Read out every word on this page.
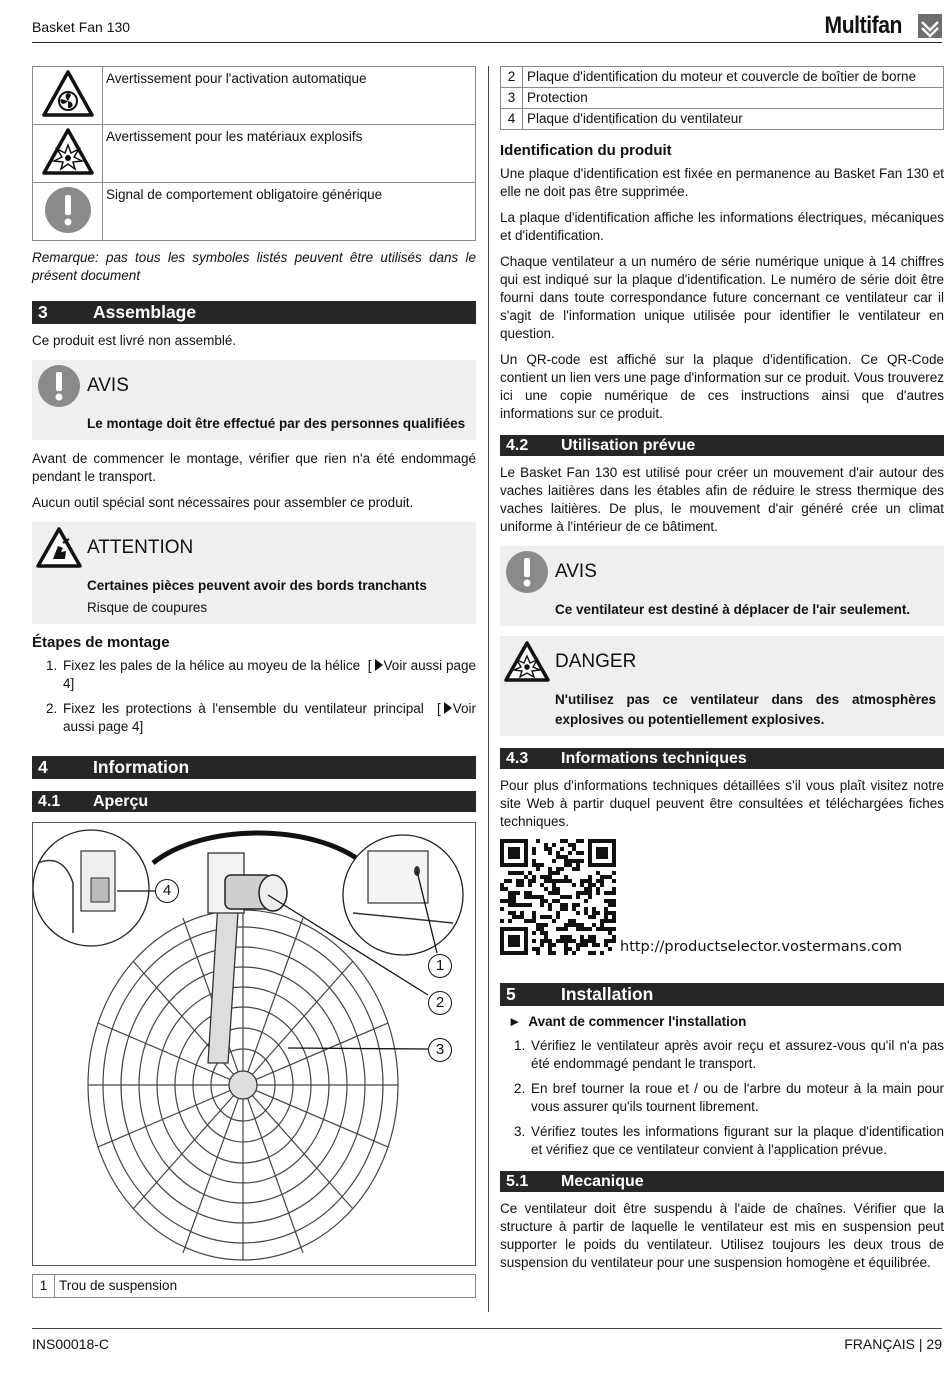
Basket Fan 130	Multifan
	Avertissement pour l'activation automatique
	Avertissement pour les matériaux explosifs
	Signal de comportement obligatoire générique

Remarque: pas tous les symboles listés peuvent être utilisés dans le présent document

3	Assemblage

Ce produit est livré non assemblé.

AVIS
Le montage doit être effectué par des personnes qualifiées

Avant de commencer le montage, vérifier que rien n'a été endommagé pendant le transport.

Aucun outil spécial sont nécessaires pour assembler ce produit.

ATTENTION
Certaines pièces peuvent avoir des bords tranchants
Risque de coupures
Étapes de montage
1. Fixez les pales de la hélice au moyeu de la hélice  [ Voir aussi page 4]
2. Fixez les protections à l'ensemble du ventilateur principal  [ Voir aussi page 4]
4	Information
4.1	Aperçu
4
1
2
3
1	Trou de suspension
2	Plaque d'identification du moteur et couvercle de boîtier de borne
3	Protection
4	Plaque d'identification du ventilateur
Identification du produit

Une plaque d'identification est fixée en permanence au Basket Fan 130 et elle ne doit pas être supprimée.

La plaque d'identification affiche les informations électriques, mécaniques et d'identification.

Chaque ventilateur a un numéro de série numérique unique à 14 chiffres qui est indiqué sur la plaque d'identification. Le numéro de série doit être fourni dans toute correspondance future concernant ce ventilateur car il s'agit de l'information unique utilisée pour identifier le ventilateur en question.

Un QR-code est affiché sur la plaque d'identification. Ce QR-Code contient un lien vers une page d'information sur ce produit. Vous trouverez ici une copie numérique de ces instructions ainsi que d'autres informations sur ce produit.

4.2	Utilisation prévue

Le Basket Fan 130 est utilisé pour créer un mouvement d'air autour des vaches laitières dans les étables afin de réduire le stress thermique des vaches laitières. De plus, le mouvement d'air généré crée un climat uniforme à l'intérieur de ce bâtiment.

AVIS
Ce ventilateur est destiné à déplacer de l'air seulement.
DANGER
N'utilisez pas ce ventilateur dans des atmosphères explosives ou potentiellement explosives.
4.3	Informations techniques

Pour plus d'informations techniques détaillées s'il vous plaît visitez notre site Web à partir duquel peuvent être consultées et téléchargées fiches techniques.

http://productselector.vostermans.com
5	Installation
► Avant de commencer l'installation
1. Vérifiez le ventilateur après avoir reçu et assurez-vous qu'il n'a pas été endommagé pendant le transport.
2. En bref tourner la roue et / ou de l'arbre du moteur à la main pour vous assurer qu'ils tournent librement.
3. Vérifiez toutes les informations figurant sur la plaque d'identification et vérifiez que ce ventilateur convient à l'application prévue.
5.1	Mecanique

Ce ventilateur doit être suspendu à l'aide de chaînes. Vérifier que la structure à partir de laquelle le ventilateur est mis en suspension peut supporter le poids du ventilateur. Utilisez toujours les deux trous de suspension du ventilateur pour une suspension homogène et équilibrée.

INS00018-C	FRANÇAIS | 29
